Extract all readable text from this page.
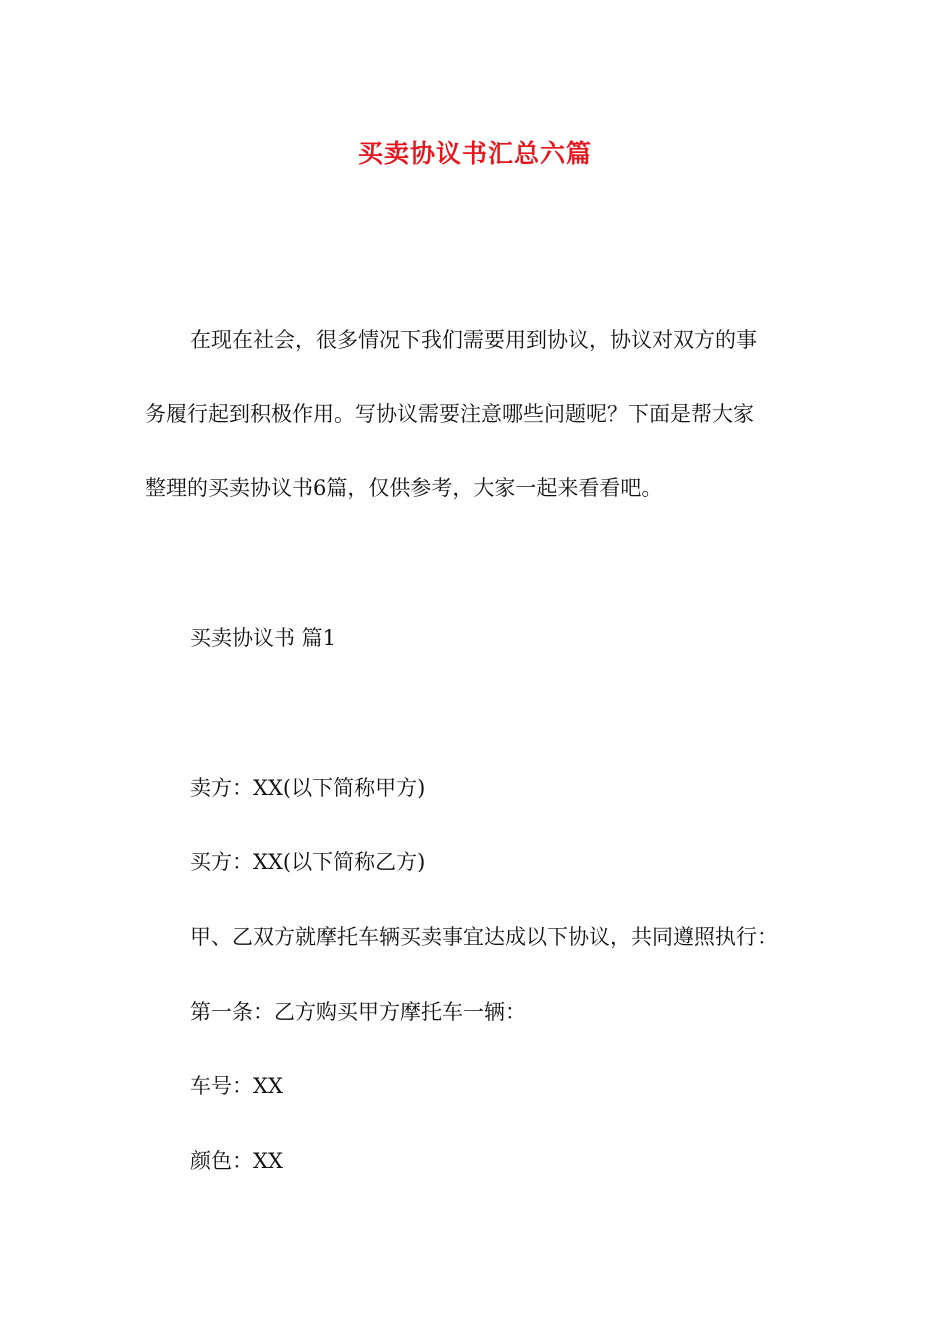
买卖协议书汇总六篇
在现在社会，很多情况下我们需要用到协议，协议对双方的事
务履行起到积极作用。写协议需要注意哪些问题呢？下面是帮大家
整理的买卖协议书6篇，仅供参考，大家一起来看看吧。
买卖协议书 篇1
卖方：XX(以下简称甲方)
买方：XX(以下简称乙方)
甲、乙双方就摩托车辆买卖事宜达成以下协议，共同遵照执行：
第一条：乙方购买甲方摩托车一辆：
车号：XX
颜色：XX
